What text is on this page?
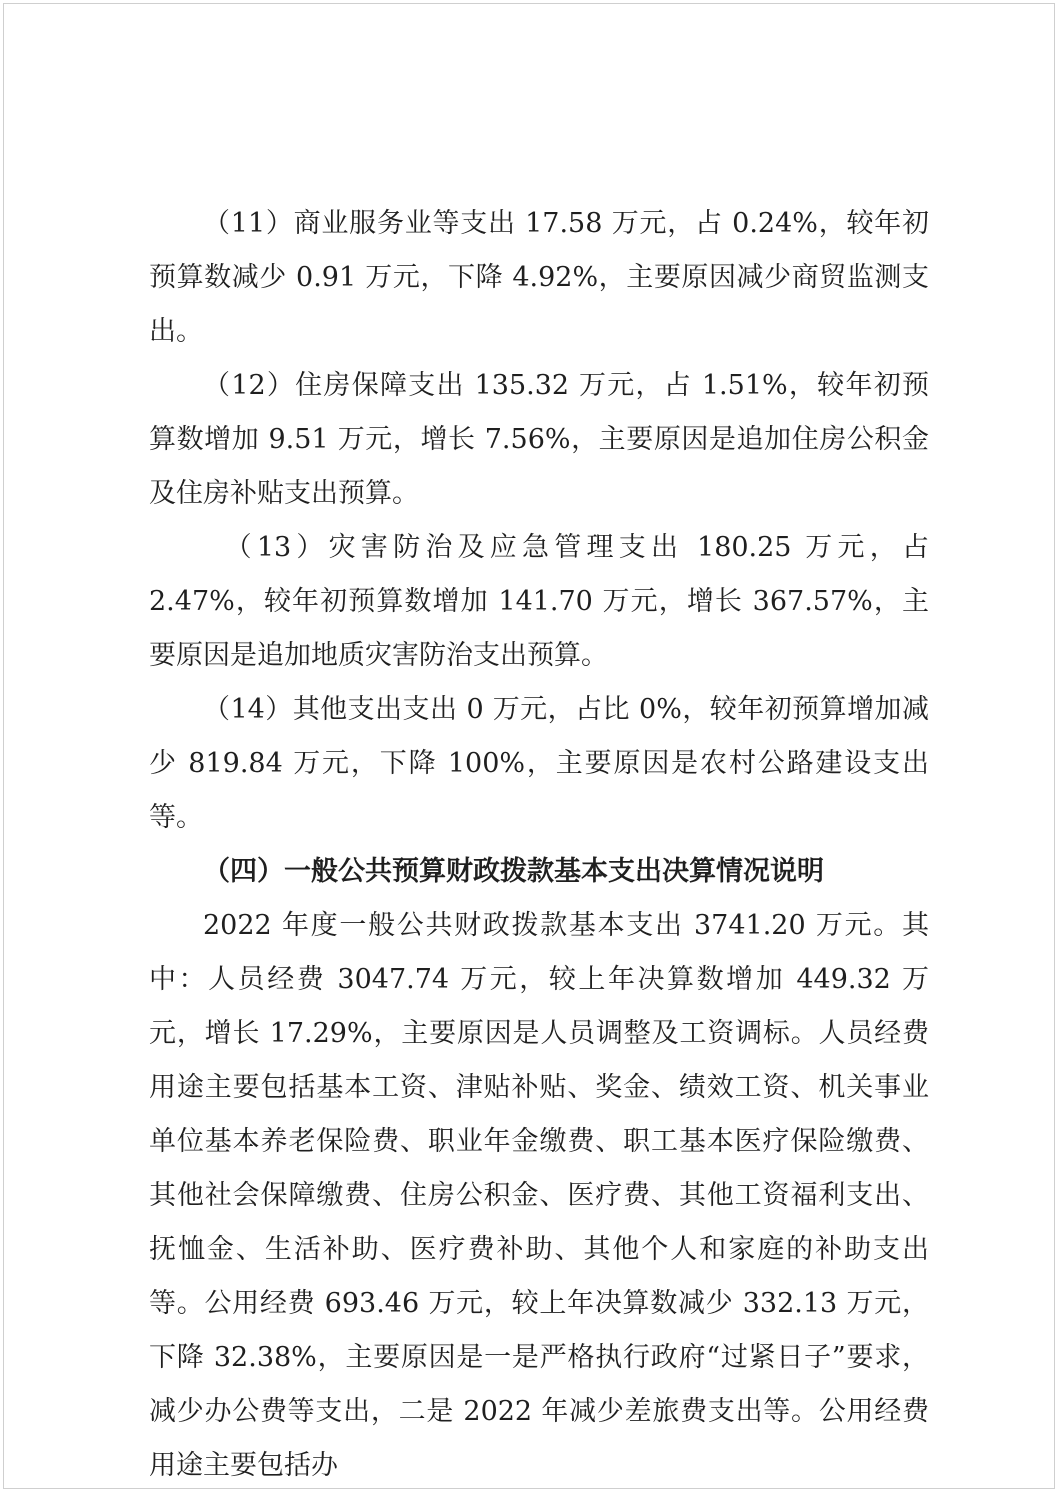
（11）商业服务业等支出 17.58 万元，占 0.24%，较年初预算数减少 0.91 万元，下降 4.92%，主要原因减少商贸监测支出。

（12）住房保障支出 135.32 万元，占 1.51%，较年初预算数增加 9.51 万元，增长 7.56%，主要原因是追加住房公积金及住房补贴支出预算。

（13）灾害防治及应急管理支出 180.25 万元，占 2.47%，较年初预算数增加 141.70 万元，增长 367.57%，主要原因是追加地质灾害防治支出预算。

（14）其他支出支出 0 万元，占比 0%，较年初预算增加减少 819.84 万元，下降 100%，主要原因是农村公路建设支出等。

（四）一般公共预算财政拨款基本支出决算情况说明

2022 年度一般公共财政拨款基本支出 3741.20 万元。其中：人员经费 3047.74 万元，较上年决算数增加 449.32 万元，增长 17.29%，主要原因是人员调整及工资调标。人员经费用途主要包括基本工资、津贴补贴、奖金、绩效工资、机关事业单位基本养老保险费、职业年金缴费、职工基本医疗保险缴费、其他社会保障缴费、住房公积金、医疗费、其他工资福利支出、抚恤金、生活补助、医疗费补助、其他个人和家庭的补助支出等。公用经费 693.46 万元，较上年决算数减少 332.13 万元，下降 32.38%，主要原因是一是严格执行政府“过紧日子”要求，减少办公费等支出，二是 2022 年减少差旅费支出等。公用经费用途主要包括办
